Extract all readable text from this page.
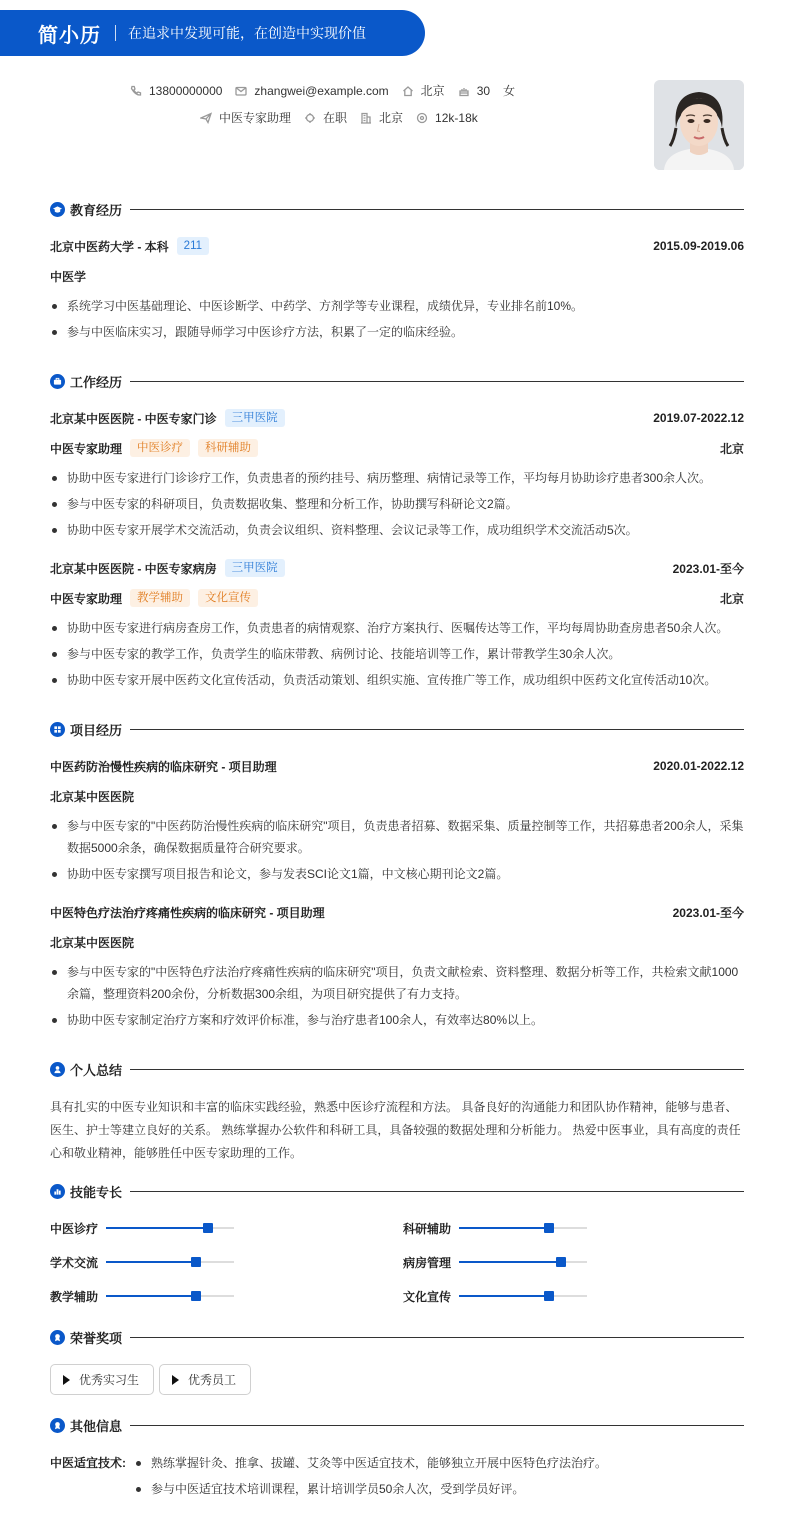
简小历 在追求中发现可能，在创造中实现价值
13800000000	zhangwei@example.com	北京	30 女
中医专家助理	在职	北京	12k-18k
教育经历
北京中医药大学 - 本科	211	2015.09-2019.06
中医学
系统学习中医基础理论、中医诊断学、中药学、方剂学等专业课程，成绩优异，专业排名前10%。
参与中医临床实习，跟随导师学习中医诊疗方法，积累了一定的临床经验。
工作经历
北京某中医医院 - 中医专家门诊	三甲医院	2019.07-2022.12
中医专家助理	中医诊疗	科研辅助	北京
协助中医专家进行门诊诊疗工作，负责患者的预约挂号、病历整理、病情记录等工作，平均每月协助诊疗患者300余人次。
参与中医专家的科研项目，负责数据收集、整理和分析工作，协助撰写科研论文2篇。
协助中医专家开展学术交流活动，负责会议组织、资料整理、会议记录等工作，成功组织学术交流活动5次。
北京某中医医院 - 中医专家病房	三甲医院	2023.01-至今
中医专家助理	教学辅助	文化宣传	北京
协助中医专家进行病房查房工作，负责患者的病情观察、治疗方案执行、医嘱传达等工作，平均每周协助查房患者50余人次。
参与中医专家的教学工作，负责学生的临床带教、病例讨论、技能培训等工作，累计带教学生30余人次。
协助中医专家开展中医药文化宣传活动，负责活动策划、组织实施、宣传推广等工作，成功组织中医药文化宣传活动10次。
项目经历
中医药防治慢性疾病的临床研究 - 项目助理	2020.01-2022.12
北京某中医医院
参与中医专家的"中医药防治慢性疾病的临床研究"项目，负责患者招募、数据采集、质量控制等工作，共招募患者200余人，采集数据5000余条，确保数据质量符合研究要求。
协助中医专家撰写项目报告和论文，参与发表SCI论文1篇，中文核心期刊论文2篇。
中医特色疗法治疗疼痛性疾病的临床研究 - 项目助理	2023.01-至今
北京某中医医院
参与中医专家的"中医特色疗法治疗疼痛性疾病的临床研究"项目，负责文献检索、资料整理、数据分析等工作，共检索文献1000余篇，整理资料200余份，分析数据300余组，为项目研究提供了有力支持。
协助中医专家制定治疗方案和疗效评价标准，参与治疗患者100余人，有效率达80%以上。
个人总结

具有扎实的中医专业知识和丰富的临床实践经验，熟悉中医诊疗流程和方法。 具备良好的沟通能力和团队协作精神，能够与患者、医生、护士等建立良好的关系。 熟练掌握办公软件和科研工具，具备较强的数据处理和分析能力。 热爱中医事业，具有高度的责任心和敬业精神，能够胜任中医专家助理的工作。

技能专长
中医诊疗	科研辅助
学术交流	病房管理
教学辅助	文化宣传
荣誉奖项
优秀实习生	优秀员工
其他信息
中医适宜技术:	熟练掌握针灸、推拿、拔罐、艾灸等中医适宜技术，能够独立开展中医特色疗法治疗。
参与中医适宜技术培训课程，累计培训学员50余人次，受到学员好评。
